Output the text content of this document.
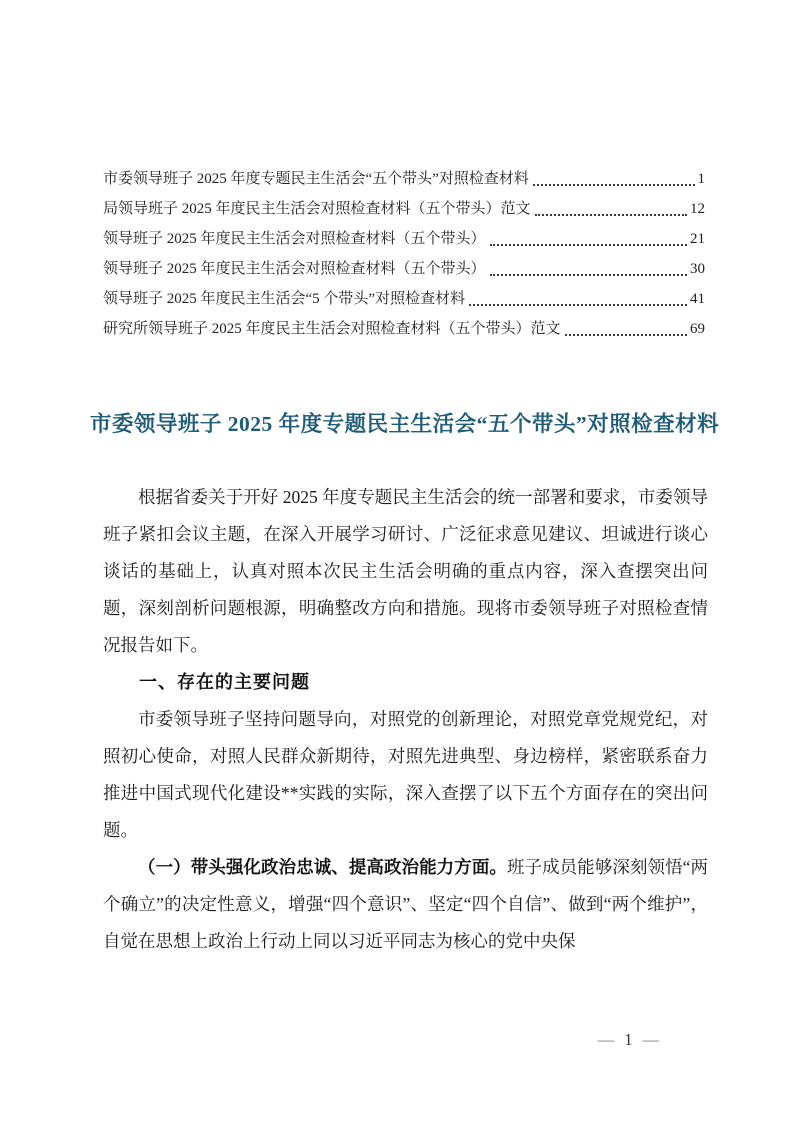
市委领导班子 2025 年度专题民主生活会“五个带头”对照检查材料	1
局领导班子 2025 年度民主生活会对照检查材料（五个带头）范文	12
领导班子 2025 年度民主生活会对照检查材料（五个带头）	21
领导班子 2025 年度民主生活会对照检查材料（五个带头）	30
领导班子 2025 年度民主生活会“5 个带头”对照检查材料	41
研究所领导班子 2025 年度民主生活会对照检查材料（五个带头）范文	69
市委领导班子 2025 年度专题民主生活会“五个带头”对照检查材料

根据省委关于开好 2025 年度专题民主生活会的统一部署和要求，市委领导班子紧扣会议主题，在深入开展学习研讨、广泛征求意见建议、坦诚进行谈心谈话的基础上，认真对照本次民主生活会明确的重点内容，深入查摆突出问题，深刻剖析问题根源，明确整改方向和措施。现将市委领导班子对照检查情况报告如下。

一、存在的主要问题

市委领导班子坚持问题导向，对照党的创新理论，对照党章党规党纪，对照初心使命，对照人民群众新期待，对照先进典型、身边榜样，紧密联系奋力推进中国式现代化建设**实践的实际，深入查摆了以下五个方面存在的突出问题。

（一）带头强化政治忠诚、提高政治能力方面。班子成员能够深刻领悟“两个确立”的决定性意义，增强“四个意识”、坚定“四个自信”、做到“两个维护”，自觉在思想上政治上行动上同以习近平同志为核心的党中央保

— 1 —
